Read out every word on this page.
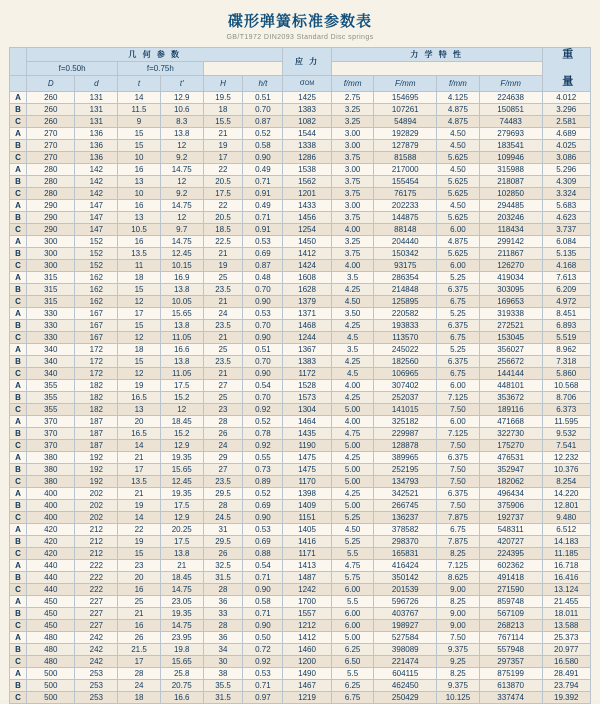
碟形弹簧标准参数表
GB/T1972 DIN2093 Standard Disc springs
	几 何 参 数						应 力	力 学 特 性				重 量
	f=0.50h		f=0.75h									
	D	d	t	t'	H	h/t	σOM	f/mm	F/mm	f/mm	F/mm	
A	260	131	14	12.9	19.5	0.51	1425	2.75	154695	4.125	224638	4.012
B	260	131	11.5	10.6	18	0.70	1383	3.25	107261	4.875	150851	3.296
C	260	131	9	8.3	15.5	0.87	1082	3.25	54894	4.875	74483	2.581
A	270	136	15	13.8	21	0.52	1544	3.00	192829	4.50	279693	4.689
B	270	136	15	12	19	0.58	1338	3.00	127879	4.50	183541	4.025
C	270	136	10	9.2	17	0.90	1286	3.75	81588	5.625	109946	3.086
A	280	142	16	14.75	22	0.49	1538	3.00	217000	4.50	315988	5.296
B	280	142	13	12	20.5	0.71	1562	3.75	155454	5.625	218087	4.309
C	280	142	10	9.2	17.5	0.91	1201	3.75	76175	5.625	102850	3.324
A	290	147	16	14.75	22	0.49	1433	3.00	202233	4.50	294485	5.683
B	290	147	13	12	20.5	0.71	1456	3.75	144875	5.625	203246	4.623
C	290	147	10.5	9.7	18.5	0.91	1254	4.00	88148	6.00	118434	3.737
A	300	152	16	14.75	22.5	0.53	1450	3.25	204440	4.875	299142	6.084
B	300	152	13.5	12.45	21	0.69	1412	3.75	150342	5.625	211867	5.135
C	300	152	11	10.15	19	0.87	1424	4.00	93175	6.00	126270	4.168
A	315	162	18	16.9	25	0.48	1608	3.5	286354	5.25	419034	7.613
B	315	162	15	13.8	23.5	0.70	1628	4.25	214848	6.375	303095	6.209
C	315	162	12	10.05	21	0.90	1379	4.50	125895	6.75	169653	4.972
A	330	167	17	15.65	24	0.53	1371	3.50	220582	5.25	319338	8.451
B	330	167	15	13.8	23.5	0.70	1468	4.25	193833	6.375	272521	6.893
C	330	167	12	11.05	21	0.90	1244	4.5	113570	6.75	153045	5.519
A	340	172	18	16.6	25	0.51	1367	3.5	245022	5.25	356027	8.962
B	340	172	15	13.8	23.5	0.70	1383	4.25	182560	6.375	256672	7.318
C	340	172	12	11.05	21	0.90	1172	4.5	106965	6.75	144144	5.860
A	355	182	19	17.5	27	0.54	1528	4.00	307402	6.00	448101	10.568
B	355	182	16.5	15.2	25	0.70	1573	4.25	252037	7.125	353672	8.706
C	355	182	13	12	23	0.92	1304	5.00	141015	7.50	189116	6.373
A	370	187	20	18.45	28	0.52	1464	4.00	325182	6.00	471668	11.595
B	370	187	16.5	15.2	26	0.78	1435	4.75	229987	7.125	322730	9.532
C	370	187	14	12.9	24	0.92	1190	5.00	128878	7.50	175270	7.541
A	380	192	21	19.35	29	0.55	1475	4.25	389965	6.375	476531	12.232
B	380	192	17	15.65	27	0.73	1475	5.00	252195	7.50	352947	10.376
C	380	192	13.5	12.45	23.5	0.89	1170	5.00	134793	7.50	182062	8.254
A	400	202	21	19.35	29.5	0.52	1398	4.25	342521	6.375	496434	14.220
B	400	202	19	17.5	28	0.69	1409	5.00	266745	7.50	375906	12.801
C	400	202	14	12.9	24.5	0.90	1151	5.25	136237	7.875	192737	9.480
A	420	212	22	20.25	31	0.53	1405	4.50	378582	6.75	548311	6.512
B	420	212	19	17.5	29.5	0.69	1416	5.25	298370	7.875	420727	14.183
C	420	212	15	13.8	26	0.88	1171	5.5	165831	8.25	224395	11.185
A	440	222	23	21	32.5	0.54	1413	4.75	416424	7.125	602362	16.718
B	440	222	20	18.45	31.5	0.71	1487	5.75	350142	8.625	491418	16.416
C	440	222	16	14.75	28	0.90	1242	6.00	201539	9.00	271590	13.124
A	450	227	25	23.05	36	0.58	1700	5.5	596726	8.25	859748	21.455
B	450	227	21	19.35	33	0.71	1557	6.00	403767	9.00	567109	18.011
C	450	227	16	14.75	28	0.90	1212	6.00	198927	9.00	268213	13.588
A	480	242	26	23.95	36	0.50	1412	5.00	527584	7.50	767114	25.373
B	480	242	21.5	19.8	34	0.72	1460	6.25	398089	9.375	557948	20.977
C	480	242	17	15.65	30	0.92	1200	6.50	221474	9.25	297357	16.580
A	500	253	28	25.8	38	0.53	1490	5.5	604115	8.25	875199	28.491
B	500	253	24	20.75	35.5	0.71	1467	6.25	462450	9.375	613870	23.794
C	500	253	18	16.6	31.5	0.97	1219	6.75	250429	10.125	337474	19.392
